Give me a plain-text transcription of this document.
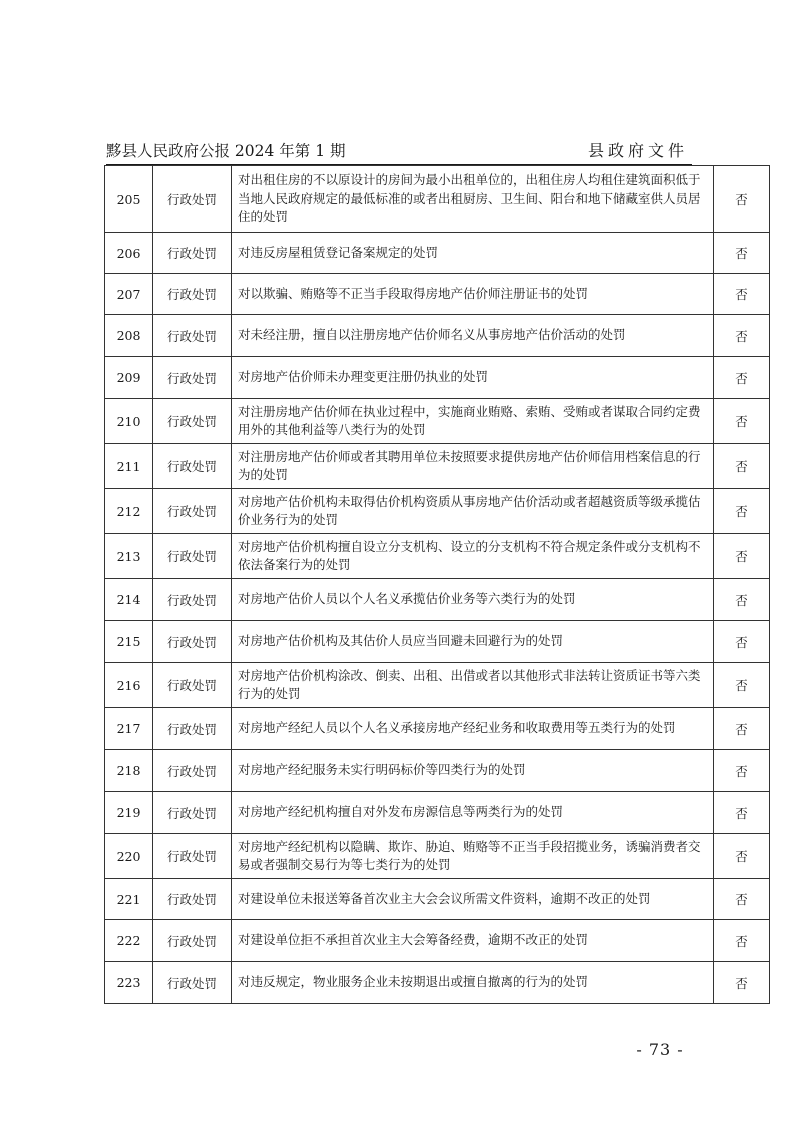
黟县人民政府公报 2024 年第 1 期	县政府文件
205	行政处罚	对出租住房的不以原设计的房间为最小出租单位的，出租住房人均租住建筑面积低于当地人民政府规定的最低标准的或者出租厨房、卫生间、阳台和地下储藏室供人员居住的处罚	否
206	行政处罚	对违反房屋租赁登记备案规定的处罚	否
207	行政处罚	对以欺骗、贿赂等不正当手段取得房地产估价师注册证书的处罚	否
208	行政处罚	对未经注册，擅自以注册房地产估价师名义从事房地产估价活动的处罚	否
209	行政处罚	对房地产估价师未办理变更注册仍执业的处罚	否
210	行政处罚	对注册房地产估价师在执业过程中，实施商业贿赂、索贿、受贿或者谋取合同约定费用外的其他利益等八类行为的处罚	否
211	行政处罚	对注册房地产估价师或者其聘用单位未按照要求提供房地产估价师信用档案信息的行为的处罚	否
212	行政处罚	对房地产估价机构未取得估价机构资质从事房地产估价活动或者超越资质等级承揽估价业务行为的处罚	否
213	行政处罚	对房地产估价机构擅自设立分支机构、设立的分支机构不符合规定条件或分支机构不依法备案行为的处罚	否
214	行政处罚	对房地产估价人员以个人名义承揽估价业务等六类行为的处罚	否
215	行政处罚	对房地产估价机构及其估价人员应当回避未回避行为的处罚	否
216	行政处罚	对房地产估价机构涂改、倒卖、出租、出借或者以其他形式非法转让资质证书等六类行为的处罚	否
217	行政处罚	对房地产经纪人员以个人名义承接房地产经纪业务和收取费用等五类行为的处罚	否
218	行政处罚	对房地产经纪服务未实行明码标价等四类行为的处罚	否
219	行政处罚	对房地产经纪机构擅自对外发布房源信息等两类行为的处罚	否
220	行政处罚	对房地产经纪机构以隐瞒、欺诈、胁迫、贿赂等不正当手段招揽业务，诱骗消费者交易或者强制交易行为等七类行为的处罚	否
221	行政处罚	对建设单位未报送筹备首次业主大会会议所需文件资料，逾期不改正的处罚	否
222	行政处罚	对建设单位拒不承担首次业主大会筹备经费，逾期不改正的处罚	否
223	行政处罚	对违反规定，物业服务企业未按期退出或擅自撤离的行为的处罚	否
- 73 -
